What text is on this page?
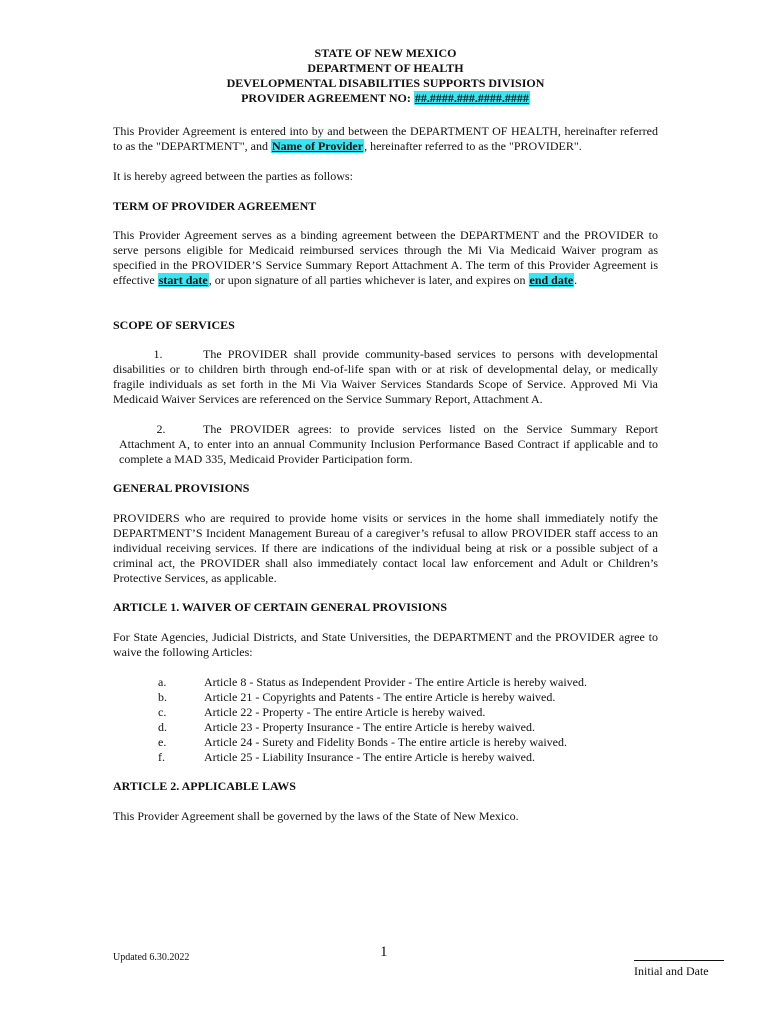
STATE OF NEW MEXICO
DEPARTMENT OF HEALTH
DEVELOPMENTAL DISABILITIES SUPPORTS DIVISION
PROVIDER AGREEMENT NO: ##.####.###.####.####
This Provider Agreement is entered into by and between the DEPARTMENT OF HEALTH, hereinafter referred to as the "DEPARTMENT", and Name of Provider, hereinafter referred to as the "PROVIDER".
It is hereby agreed between the parties as follows:
TERM OF PROVIDER AGREEMENT
This Provider Agreement serves as a binding agreement between the DEPARTMENT and the PROVIDER to serve persons eligible for Medicaid reimbursed services through the Mi Via Medicaid Waiver program as specified in the PROVIDER’S Service Summary Report Attachment A. The term of this Provider Agreement is effective start date, or upon signature of all parties whichever is later, and expires on end date.
SCOPE OF SERVICES
1.	The PROVIDER shall provide community-based services to persons with developmental disabilities or to children birth through end-of-life span with or at risk of developmental delay, or medically fragile individuals as set forth in the Mi Via Waiver Services Standards Scope of Service. Approved Mi Via Medicaid Waiver Services are referenced on the Service Summary Report, Attachment A.
2.	The PROVIDER agrees: to provide services listed on the Service Summary Report Attachment A, to enter into an annual Community Inclusion Performance Based Contract if applicable and to complete a MAD 335, Medicaid Provider Participation form.
GENERAL PROVISIONS
PROVIDERS who are required to provide home visits or services in the home shall immediately notify the DEPARTMENT’S Incident Management Bureau of a caregiver’s refusal to allow PROVIDER staff access to an individual receiving services. If there are indications of the individual being at risk or a possible subject of a criminal act, the PROVIDER shall also immediately contact local law enforcement and Adult or Children’s Protective Services, as applicable.
ARTICLE 1. WAIVER OF CERTAIN GENERAL PROVISIONS
For State Agencies, Judicial Districts, and State Universities, the DEPARTMENT and the PROVIDER agree to waive the following Articles:
a.	Article 8 - Status as Independent Provider - The entire Article is hereby waived.
b.	Article 21 - Copyrights and Patents - The entire Article is hereby waived.
c.	Article 22 - Property - The entire Article is hereby waived.
d.	Article 23 - Property Insurance - The entire Article is hereby waived.
e.	Article 24 - Surety and Fidelity Bonds - The entire article is hereby waived.
f.	Article 25 - Liability Insurance - The entire Article is hereby waived.
ARTICLE 2. APPLICABLE LAWS
This Provider Agreement shall be governed by the laws of the State of New Mexico.
Updated 6.30.2022	1
Initial and Date
